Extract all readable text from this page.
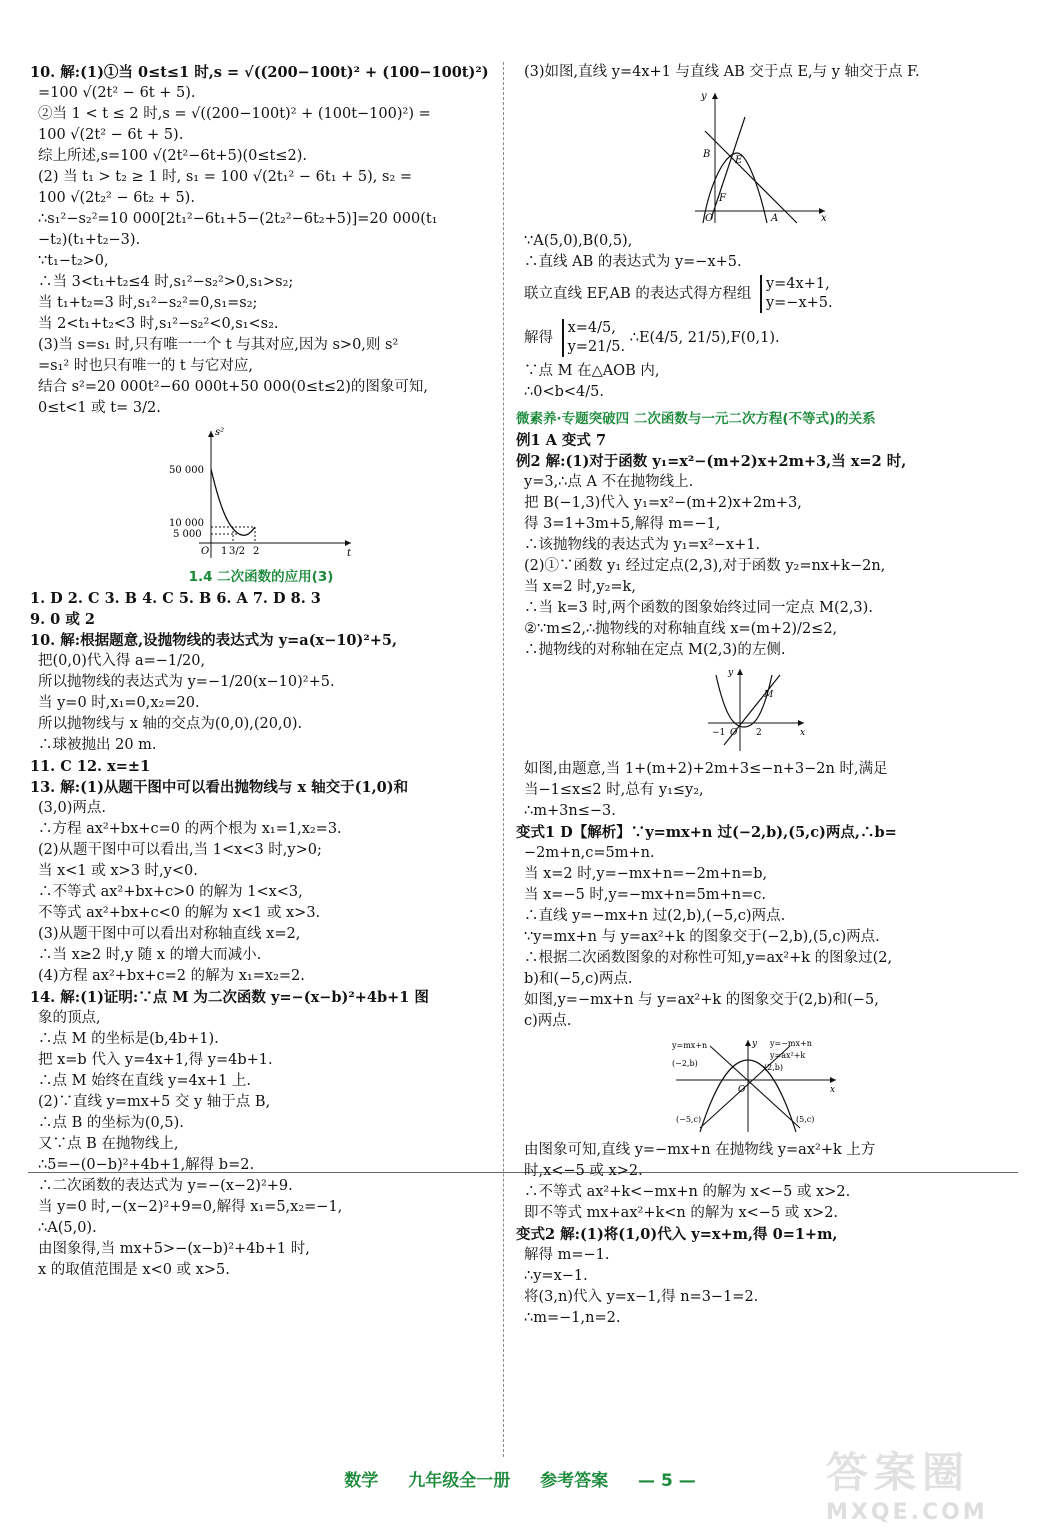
10. 解:(1)①当 0≤t≤1 时,s = √((200−100t)² + (100−100t)²)
=100 √(2t² − 6t + 5).
②当 1 < t ≤ 2 时,s = √((200−100t)² + (100t−100)²) =
100 √(2t² − 6t + 5).
综上所述,s=100 √(2t²−6t+5)(0≤t≤2).
(2) 当 t₁ > t₂ ≥ 1 时, s₁ = 100 √(2t₁² − 6t₁ + 5), s₂ =
100 √(2t₂² − 6t₂ + 5).
∴s₁²−s₂²=10 000[2t₁²−6t₁+5−(2t₂²−6t₂+5)]=20 000(t₁
−t₂)(t₁+t₂−3).
∵t₁−t₂>0,
∴当 3<t₁+t₂≤4 时,s₁²−s₂²>0,s₁>s₂;
当 t₁+t₂=3 时,s₁²−s₂²=0,s₁=s₂;
当 2<t₁+t₂<3 时,s₁²−s₂²<0,s₁<s₂.
(3)当 s=s₁ 时,只有唯一一个 t 与其对应,因为 s>0,则 s²
=s₁² 时也只有唯一的 t 与它对应,
结合 s²=20 000t²−60 000t+50 000(0≤t≤2)的图象可知,
0≤t<1 或 t= 3/2.
s²
t
O
50 000
10 000
5 000
1 3/2 2
1.4 二次函数的应用(3)
1. D 2. C 3. B 4. C 5. B 6. A 7. D 8. 3
9. 0 或 2
10. 解:根据题意,设抛物线的表达式为 y=a(x−10)²+5,
把(0,0)代入得 a=−1/20,
所以抛物线的表达式为 y=−1/20(x−10)²+5.
当 y=0 时,x₁=0,x₂=20.
所以抛物线与 x 轴的交点为(0,0),(20,0).
∴球被抛出 20 m.
11. C 12. x=±1
13. 解:(1)从题干图中可以看出抛物线与 x 轴交于(1,0)和
(3,0)两点.
∴方程 ax²+bx+c=0 的两个根为 x₁=1,x₂=3.
(2)从题干图中可以看出,当 1<x<3 时,y>0;
当 x<1 或 x>3 时,y<0.
∴不等式 ax²+bx+c>0 的解为 1<x<3,
不等式 ax²+bx+c<0 的解为 x<1 或 x>3.
(3)从题干图中可以看出对称轴直线 x=2,
∴当 x≥2 时,y 随 x 的增大而减小.
(4)方程 ax²+bx+c=2 的解为 x₁=x₂=2.
14. 解:(1)证明:∵点 M 为二次函数 y=−(x−b)²+4b+1 图
象的顶点,
∴点 M 的坐标是(b,4b+1).
把 x=b 代入 y=4x+1,得 y=4b+1.
∴点 M 始终在直线 y=4x+1 上.
(2)∵直线 y=mx+5 交 y 轴于点 B,
∴点 B 的坐标为(0,5).
又∵点 B 在抛物线上,
∴5=−(0−b)²+4b+1,解得 b=2.
∴二次函数的表达式为 y=−(x−2)²+9.
当 y=0 时,−(x−2)²+9=0,解得 x₁=5,x₂=−1,
∴A(5,0).
由图象得,当 mx+5>−(x−b)²+4b+1 时,
x 的取值范围是 x<0 或 x>5.
(3)如图,直线 y=4x+1 与直线 AB 交于点 E,与 y 轴交于点 F.
y
x
O	A
B
E
F
∵A(5,0),B(0,5),
∴直线 AB 的表达式为 y=−x+5.
联立直线 EF,AB 的表达式得方程组
y=4x+1,
y=−x+5.
解得
x=4/5,
y=21/5.
∴E(4/5, 21/5),F(0,1).
∵点 M 在△AOB 内,
∴0<b<4/5.
微素养·专题突破四 二次函数与一元二次方程(不等式)的关系
例1 A 变式 7
例2 解:(1)对于函数 y₁=x²−(m+2)x+2m+3,当 x=2 时,
y=3,∴点 A 不在抛物线上.
把 B(−1,3)代入 y₁=x²−(m+2)x+2m+3,
得 3=1+3m+5,解得 m=−1,
∴该抛物线的表达式为 y₁=x²−x+1.
(2)①∵函数 y₁ 经过定点(2,3),对于函数 y₂=nx+k−2n,
当 x=2 时,y₂=k,
∴当 k=3 时,两个函数的图象始终过同一定点 M(2,3).
②∵m≤2,∴抛物线的对称轴直线 x=(m+2)/2≤2,
∴抛物线的对称轴在定点 M(2,3)的左侧.
y
x
M
O
−1	2
如图,由题意,当 1+(m+2)+2m+3≤−n+3−2n 时,满足
当−1≤x≤2 时,总有 y₁≤y₂,
∴m+3n≤−3.
变式1 D【解析】∵y=mx+n 过(−2,b),(5,c)两点,∴b=
−2m+n,c=5m+n.
当 x=2 时,y=−mx+n=−2m+n=b,
当 x=−5 时,y=−mx+n=5m+n=c.
∴直线 y=−mx+n 过(2,b),(−5,c)两点.
∵y=mx+n 与 y=ax²+k 的图象交于(−2,b),(5,c)两点.
∴根据二次函数图象的对称性可知,y=ax²+k 的图象过(2,
b)和(−5,c)两点.
如图,y=−mx+n 与 y=ax²+k 的图象交于(2,b)和(−5,
c)两点.
y=mx+n	y=−mx+n
y=ax²+k
(−2,b)	(2,b)
(−5,c)	(5,c)
O	x
y
由图象可知,直线 y=−mx+n 在抛物线 y=ax²+k 上方
时,x<−5 或 x>2.
∴不等式 ax²+k<−mx+n 的解为 x<−5 或 x>2.
即不等式 mx+ax²+k<n 的解为 x<−5 或 x>2.
变式2 解:(1)将(1,0)代入 y=x+m,得 0=1+m,
解得 m=−1.
∴y=x−1.
将(3,n)代入 y=x−1,得 n=3−1=2.
∴m=−1,n=2.
数学 九年级全一册 参考答案 — 5 —	答案圈
MXQE.COM
